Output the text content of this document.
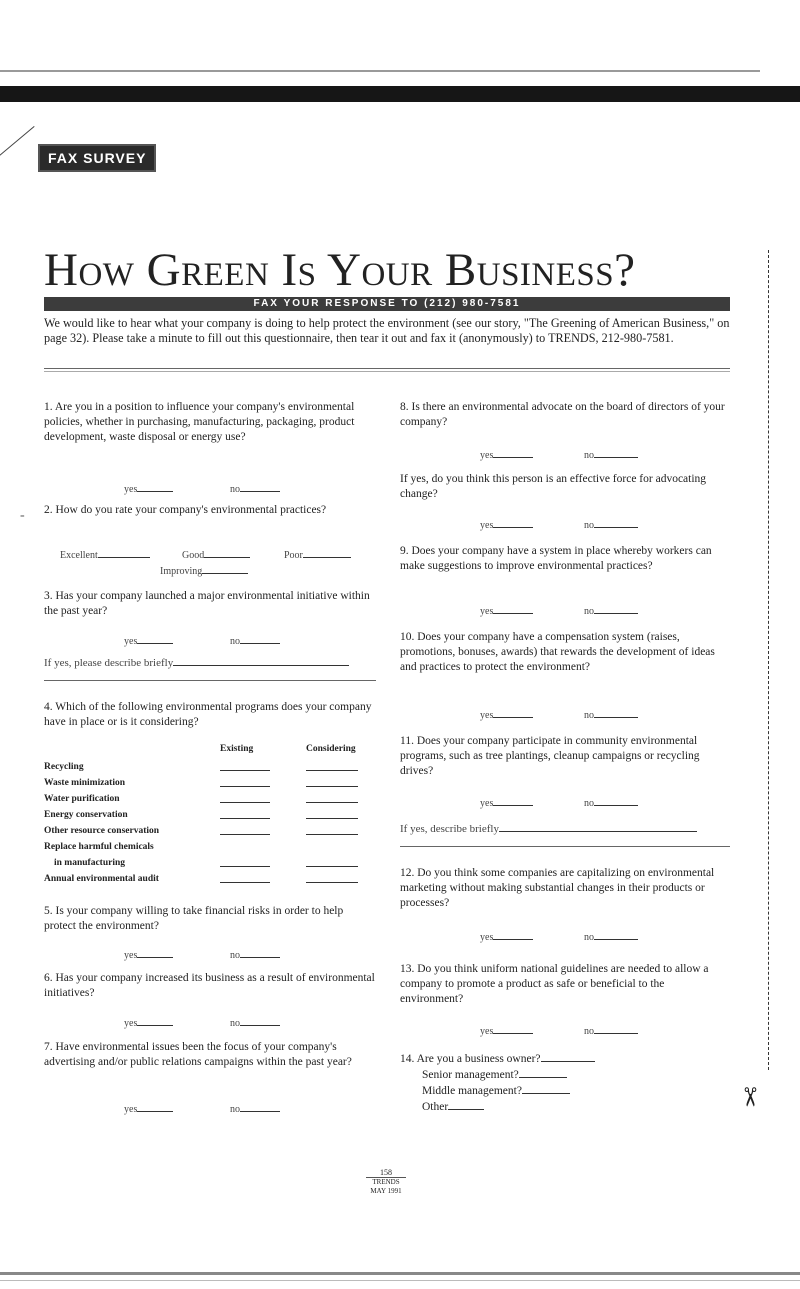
FAX SURVEY
How Green Is Your Business?
FAX YOUR RESPONSE TO (212) 980-7581
We would like to hear what your company is doing to help protect the environment (see our story, "The Greening of American Business," on page 32). Please take a minute to fill out this questionnaire, then tear it out and fax it (anonymously) to TRENDS, 212-980-7581.
1. Are you in a position to influence your company's environmental policies, whether in purchasing, manufacturing, packaging, product development, waste disposal or energy use?
yes	no
2. How do you rate your company's environmental practices?
Excellent	Good	Poor
Improving
3. Has your company launched a major environmental initiative within the past year?
yes	no
If yes, please describe briefly
4. Which of the following environmental programs does your company have in place or is it considering?
Existing	Considering
Recycling
Waste minimization
Water purification
Energy conservation
Other resource conservation
Replace harmful chemicals
in manufacturing
Annual environmental audit
5. Is your company willing to take financial risks in order to help protect the environment?
yes	no
6. Has your company increased its business as a result of environmental initiatives?
yes	no
7. Have environmental issues been the focus of your company's advertising and/or public relations campaigns within the past year?
yes	no
8. Is there an environmental advocate on the board of directors of your company?
yes	no
If yes, do you think this person is an effective force for advocating change?
yes	no
9. Does your company have a system in place whereby workers can make suggestions to improve environmental practices?
yes	no
10. Does your company have a compensation system (raises, promotions, bonuses, awards) that rewards the development of ideas and practices to protect the environment?
yes	no
11. Does your company participate in community environmental programs, such as tree plantings, cleanup campaigns or recycling drives?
yes	no
If yes, describe briefly
12. Do you think some companies are capitalizing on environmental marketing without making substantial changes in their products or processes?
yes	no
13. Do you think uniform national guidelines are needed to allow a company to promote a product as safe or beneficial to the environment?
yes	no
14. Are you a business owner?
Senior management?
Middle management?
Other
-
✂
158
TRENDS
MAY 1991
